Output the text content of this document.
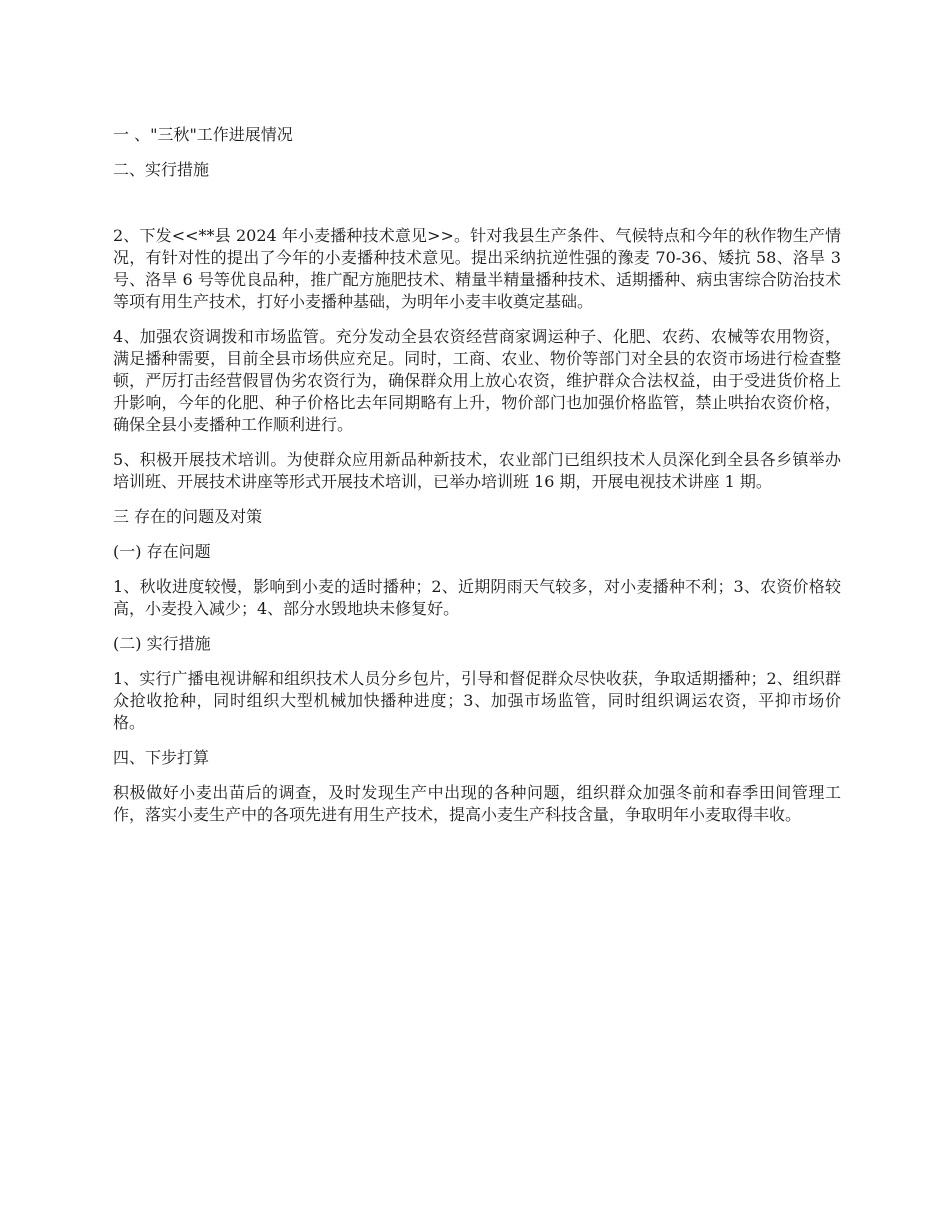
一 、"三秋"工作进展情况

二、实行措施

2、下发<<**县 2024 年小麦播种技术意见>>。针对我县生产条件、气候特点和今年的秋作物生产情况，有针对性的提出了今年的小麦播种技术意见。提出采纳抗逆性强的豫麦 70-36、矮抗 58、洛旱 3 号、洛旱 6 号等优良品种，推广配方施肥技术、精量半精量播种技术、适期播种、病虫害综合防治技术等项有用生产技术，打好小麦播种基础，为明年小麦丰收奠定基础。

4、加强农资调拨和市场监管。充分发动全县农资经营商家调运种子、化肥、农药、农械等农用物资，满足播种需要，目前全县市场供应充足。同时，工商、农业、物价等部门对全县的农资市场进行检查整顿，严厉打击经营假冒伪劣农资行为，确保群众用上放心农资，维护群众合法权益，由于受进货价格上升影响，今年的化肥、种子价格比去年同期略有上升，物价部门也加强价格监管，禁止哄抬农资价格，确保全县小麦播种工作顺利进行。

5、积极开展技术培训。为使群众应用新品种新技术，农业部门已组织技术人员深化到全县各乡镇举办培训班、开展技术讲座等形式开展技术培训，已举办培训班 16 期，开展电视技术讲座 1 期。

三 存在的问题及对策

(一) 存在问题

1、秋收进度较慢，影响到小麦的适时播种；2、近期阴雨天气较多，对小麦播种不利；3、农资价格较高，小麦投入减少；4、部分水毁地块未修复好。

(二) 实行措施

1、实行广播电视讲解和组织技术人员分乡包片，引导和督促群众尽快收获，争取适期播种；2、组织群众抢收抢种，同时组织大型机械加快播种进度；3、加强市场监管，同时组织调运农资，平抑市场价格。

四、下步打算

积极做好小麦出苗后的调查，及时发现生产中出现的各种问题，组织群众加强冬前和春季田间管理工作，落实小麦生产中的各项先进有用生产技术，提高小麦生产科技含量，争取明年小麦取得丰收。
